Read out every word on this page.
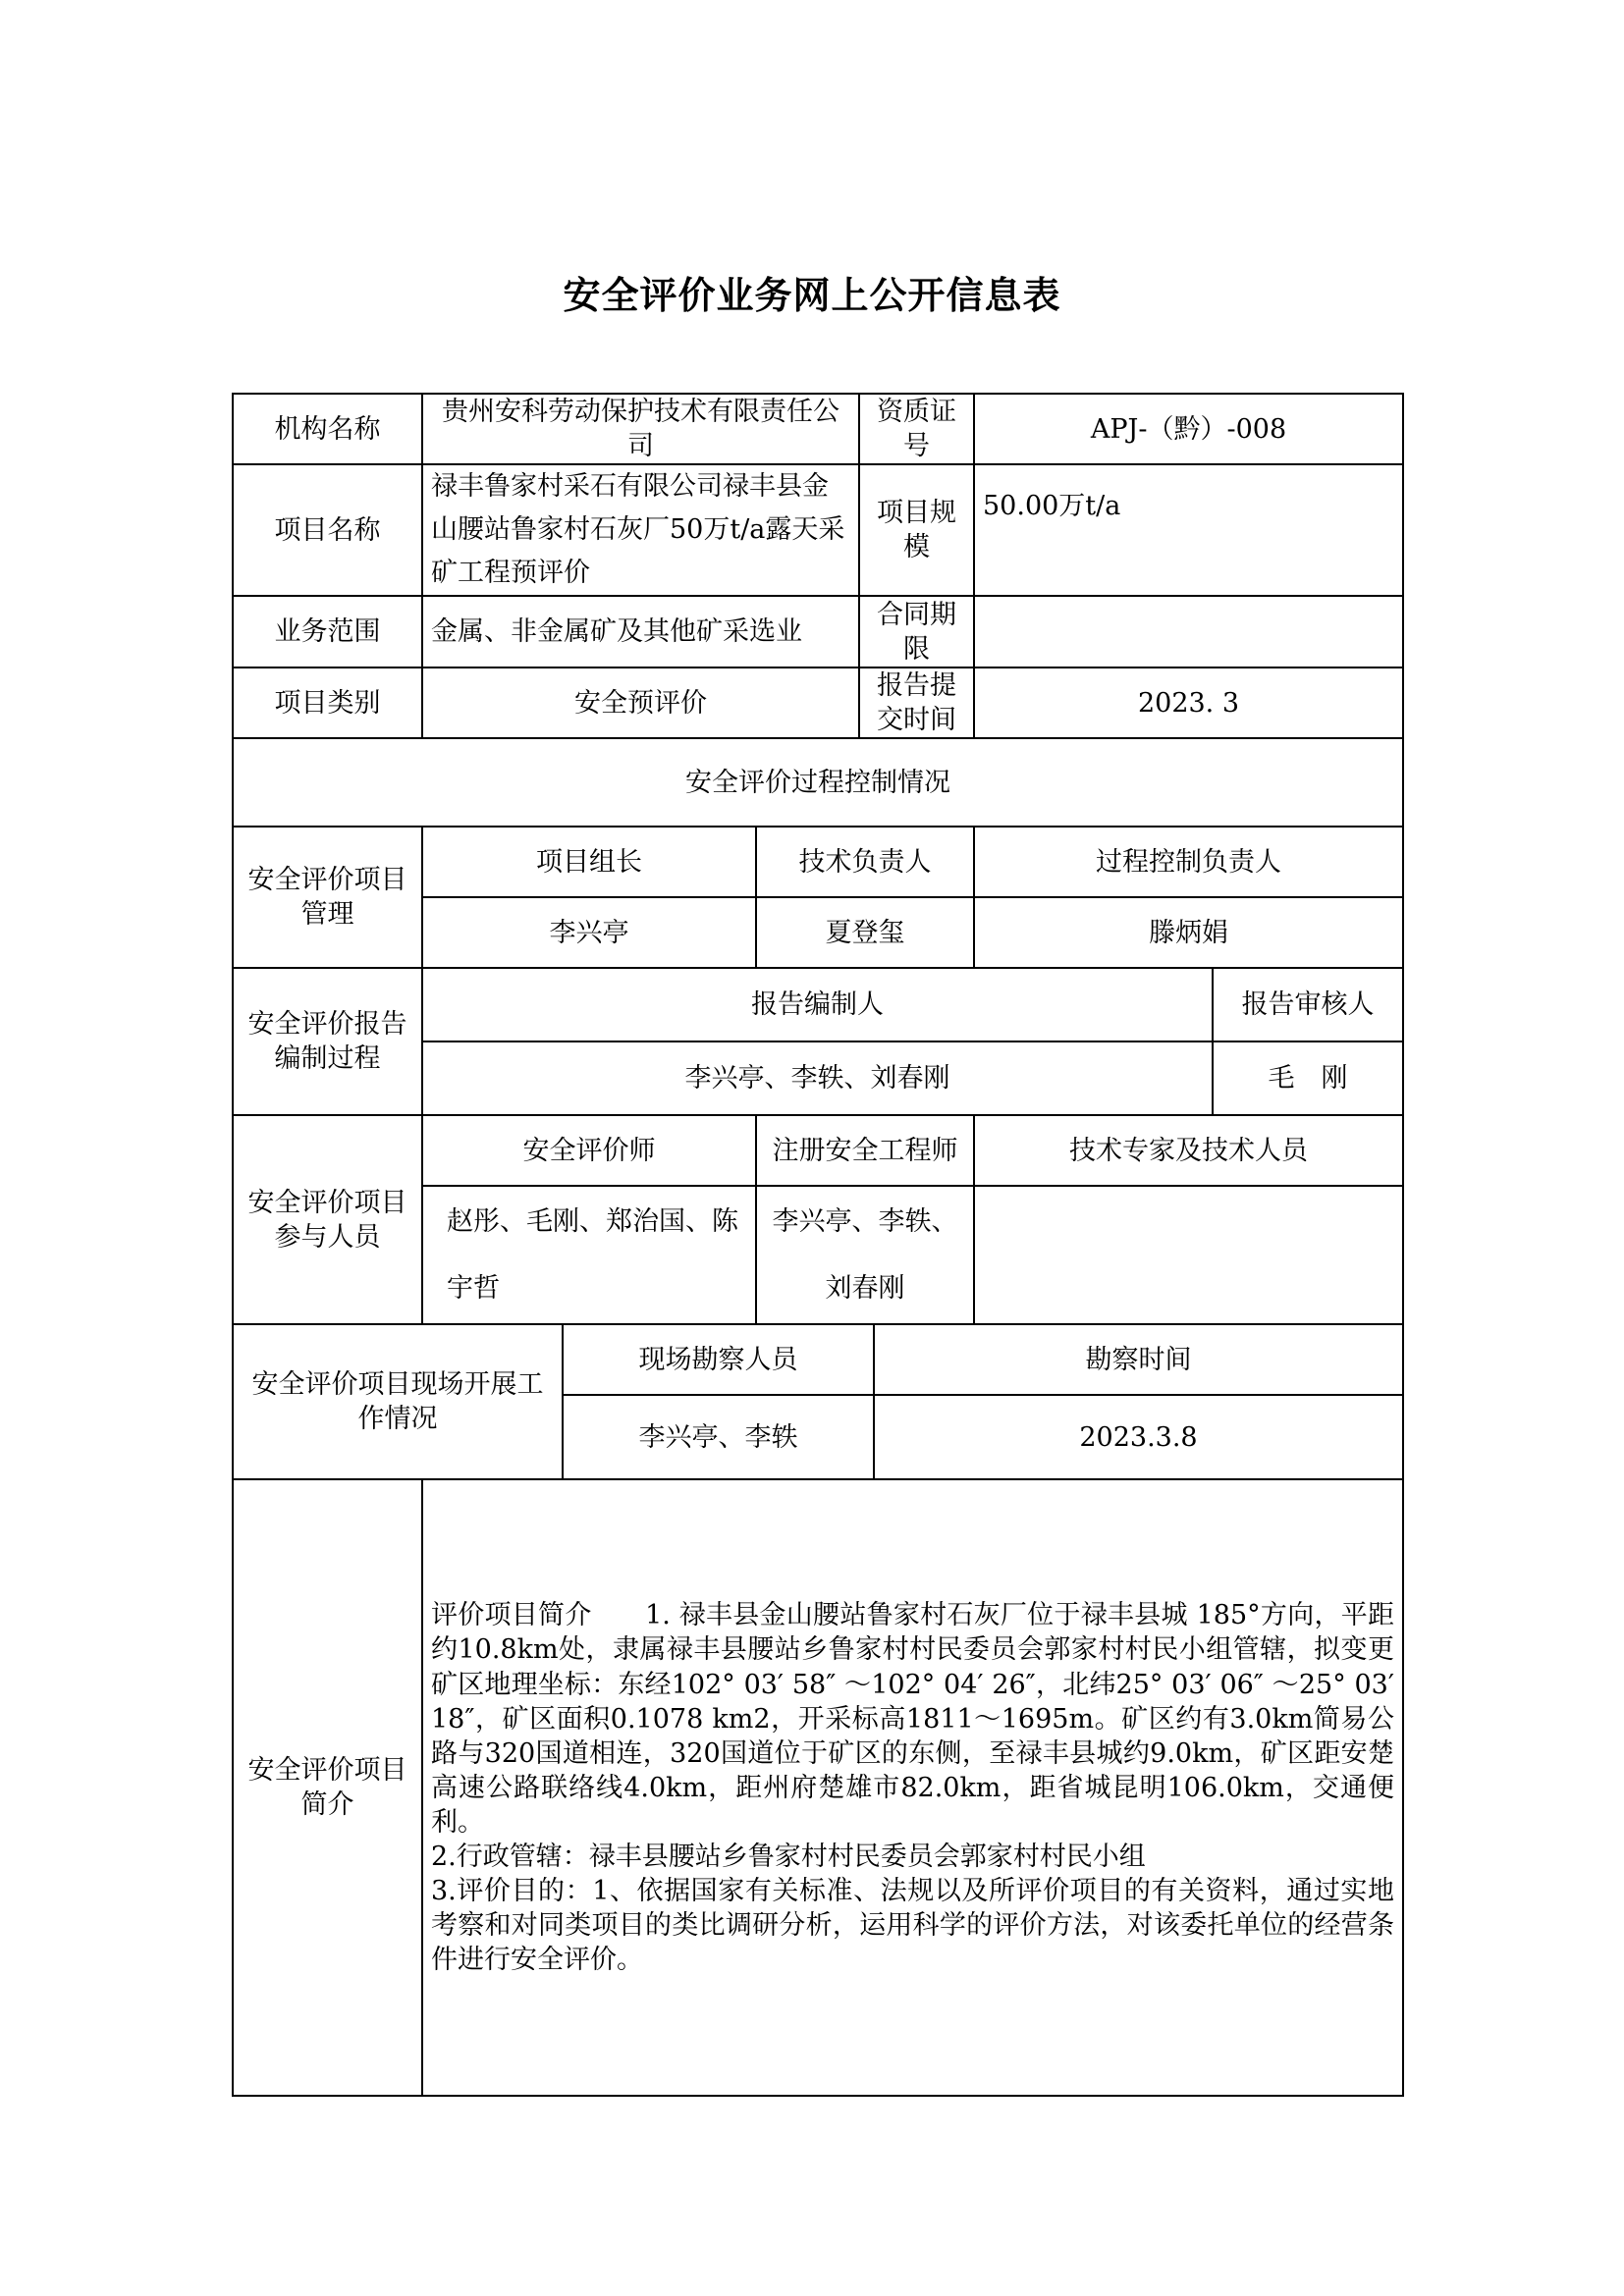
安全评价业务网上公开信息表
机构名称	贵州安科劳动保护技术有限责任公司			资质证号		APJ-（黔）-008	
项目名称	禄丰鲁家村采石有限公司禄丰县金山腰站鲁家村石灰厂50万t/a露天采矿工程预评价			项目规模		50.00万t/a	
业务范围	金属、非金属矿及其他矿采选业			合同期限			
项目类别	安全预评价			报告提交时间		2023. 3	
安全评价过程控制情况							
安全评价项目管理	项目组长		技术负责人			过程控制负责人	
	李兴亭		夏登玺			滕炳娟	
安全评价报告编制过程	报告编制人						报告审核人
	李兴亭、李轶、刘春刚						毛　刚
安全评价项目参与人员	安全评价师		注册安全工程师			技术专家及技术人员	
	赵彤、毛刚、郑治国、陈宇哲		李兴亭、李轶、刘春刚				
安全评价项目现场开展工作情况		现场勘察人员			勘察时间		
		李兴亭、李轶			2023.3.8		
安全评价项目简介	评价项目简介　　1. 禄丰县金山腰站鲁家村石灰厂位于禄丰县城 185°方向，平距约10.8km处，隶属禄丰县腰站乡鲁家村村民委员会郭家村村民小组管辖，拟变更矿区地理坐标：东经102° 03′ 58″ ～102° 04′ 26″，北纬25° 03′ 06″ ～25° 03′ 18″，矿区面积0.1078 km2，开采标高1811～1695m。矿区约有3.0km简易公路与320国道相连，320国道位于矿区的东侧，至禄丰县城约9.0km，矿区距安楚高速公路联络线4.0km，距州府楚雄市82.0km，距省城昆明106.0km，交通便利。

2.行政管辖：禄丰县腰站乡鲁家村村民委员会郭家村村民小组

3.评价目的：1、依据国家有关标准、法规以及所评价项目的有关资料，通过实地考察和对同类项目的类比调研分析，运用科学的评价方法，对该委托单位的经营条件进行安全评价。						
